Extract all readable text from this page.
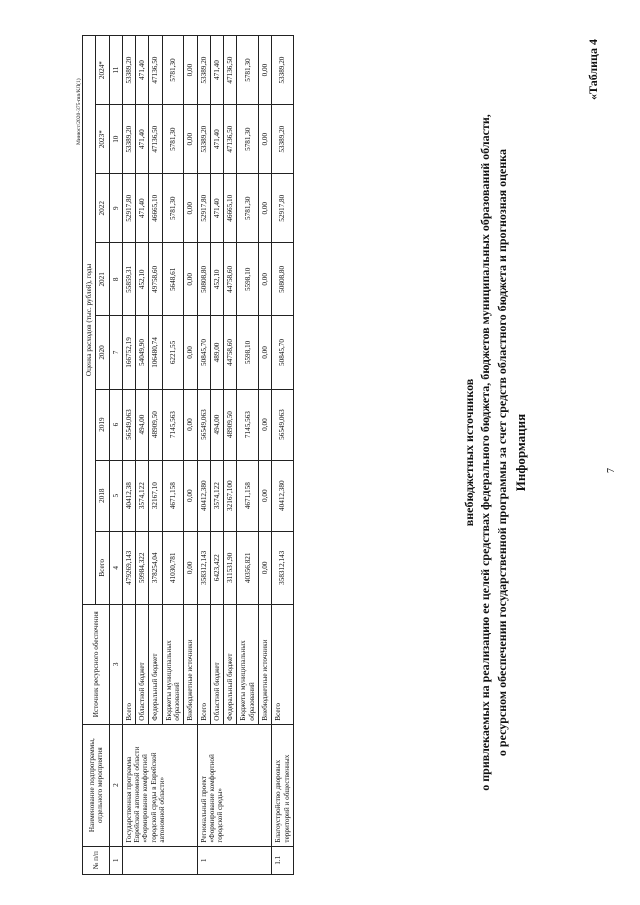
7
«Таблица 4
Информация
о ресурсном обеспечении государственной программы за счет средств областного бюджета и прогнозная оценка
о привлекаемых на реализацию ее целей средствах федерального бюджета, бюджетов муниципальных образований области,
внебюджетных источников
№ п/п	Наименование подпрограммы, отдельного мероприятия	Источник ресурсного обеспечения	Оценка расходов (тыс. рублей), годы							
			Всего	2018	2019	2020	2021	2022	2023*	2024*
1	2	3	4	5	6	7	8	9	10	11
	Государственная программа Еврейской автономной области «Формирование комфортной городской среды в Еврейской автономной области»	Всего	479269,143	40412,38	56549,063	166752,19	55859,31	52917,80	53389,20	53389,20
		Областной бюджет	59984,322	3574,122	494,00	54049,90	452,10	471,40	471,40	471,40
		Федеральный бюджет	378254,04	32167,10	48909,50	106480,74	49758,60	46665,10	47136,50	47136,50
		Бюджеты муниципальных образований	41030,781	4671,158	7145,563	6221,55	5648,61	5781,30	5781,30	5781,30
		Внебюджетные источники	0,00	0,00	0,00	0,00	0,00	0,00	0,00	0,00
1	Региональный проект «Формирование комфортной городской среды»	Всего	358312,143	40412,380	56549,063	50845,70	50808,80	52917,80	53389,20	53389,20
		Областной бюджет	6423,422	3574,122	494,00	489,00	452,10	471,40	471,40	471,40
		Федеральный бюджет	311531,90	32167,100	48909,50	44758,60	44758,60	46665,10	47136,50	47136,50
		Бюджеты муниципальных образований	40356,821	4671,158	7145,563	5598,10	5598,10	5781,30	5781,30	5781,30
		Внебюджетные источники	0,00	0,00	0,00	0,00	0,00	0,00	0,00	0,00
1.1	Благоустройство дворовых территорий и общественных	Всего	358312,143	40412,380	56549,063	50845,70	50808,80	52917,80	53389,20	53389,20
Минюст/2020-375-mn/КЛ(1)
